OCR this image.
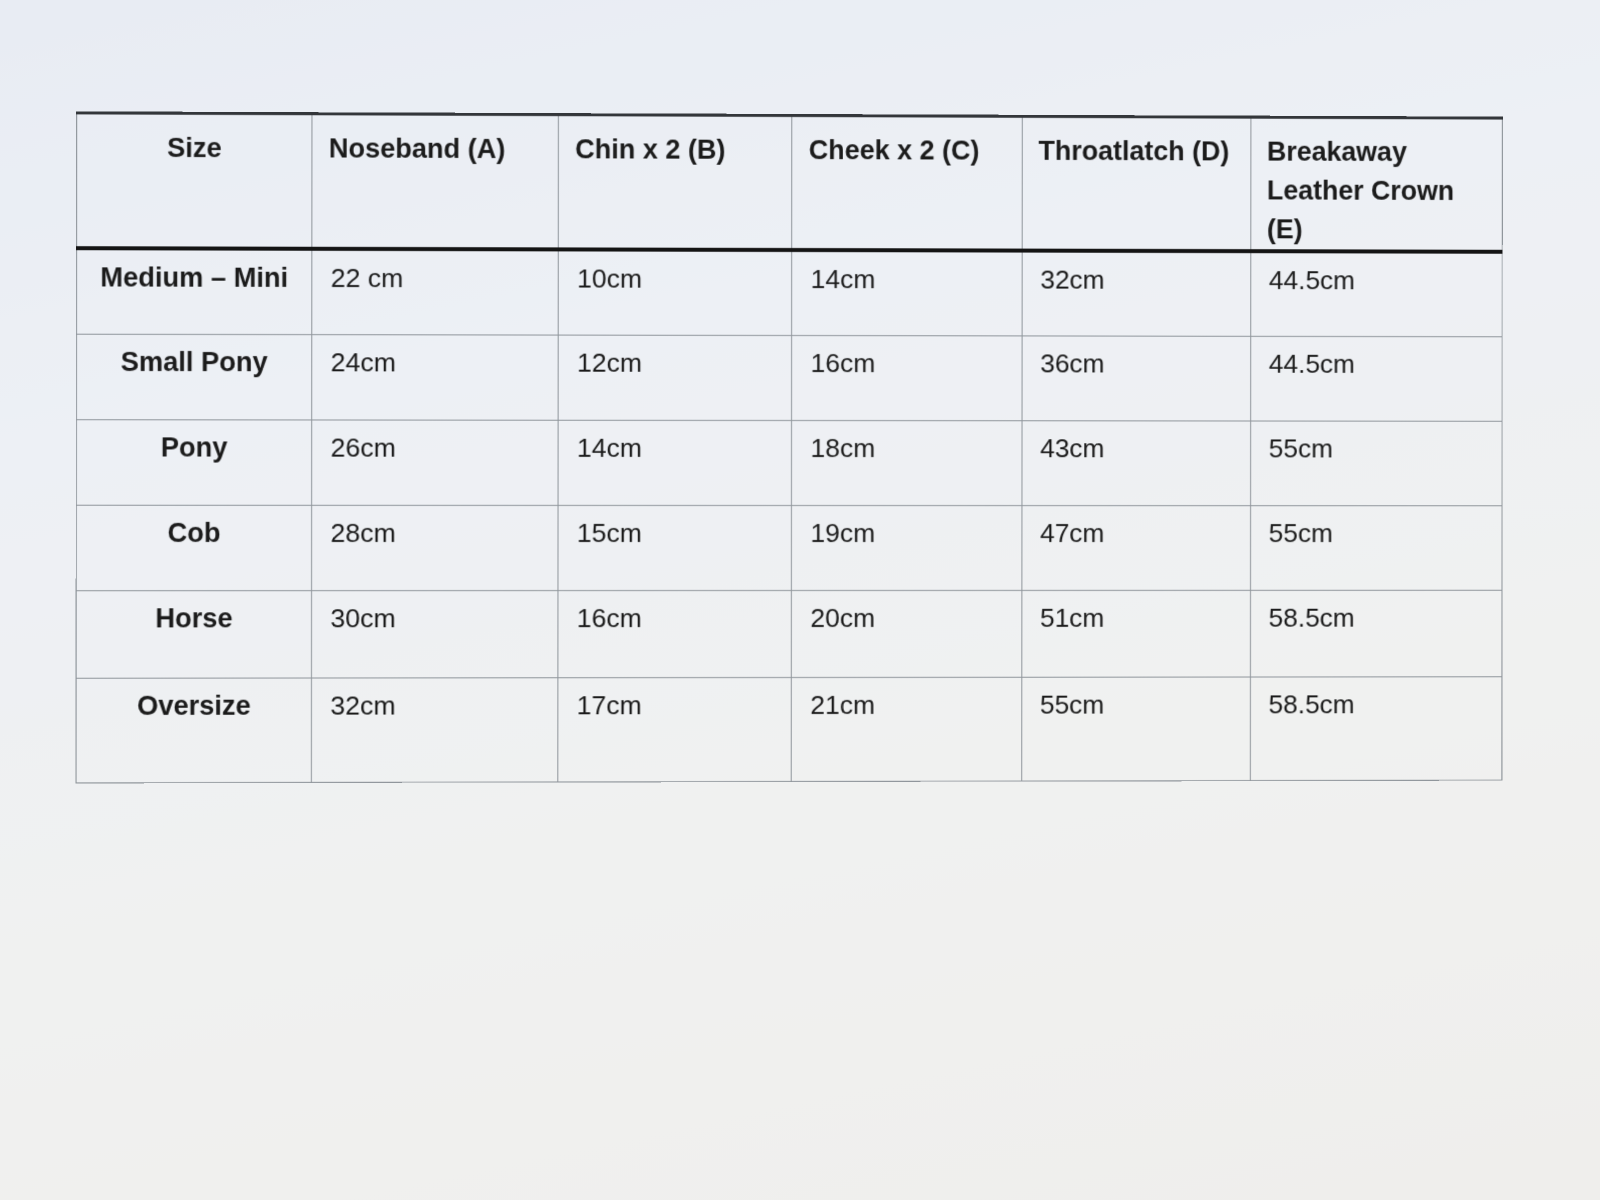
Size	Noseband (A)	Chin x 2 (B)	Cheek x 2 (C)	Throatlatch (D)	Breakaway Leather Crown (E)
Medium – Mini	22 cm	10cm	14cm	32cm	44.5cm
Small Pony	24cm	12cm	16cm	36cm	44.5cm
Pony	26cm	14cm	18cm	43cm	55cm
Cob	28cm	15cm	19cm	47cm	55cm
Horse	30cm	16cm	20cm	51cm	58.5cm
Oversize	32cm	17cm	21cm	55cm	58.5cm
